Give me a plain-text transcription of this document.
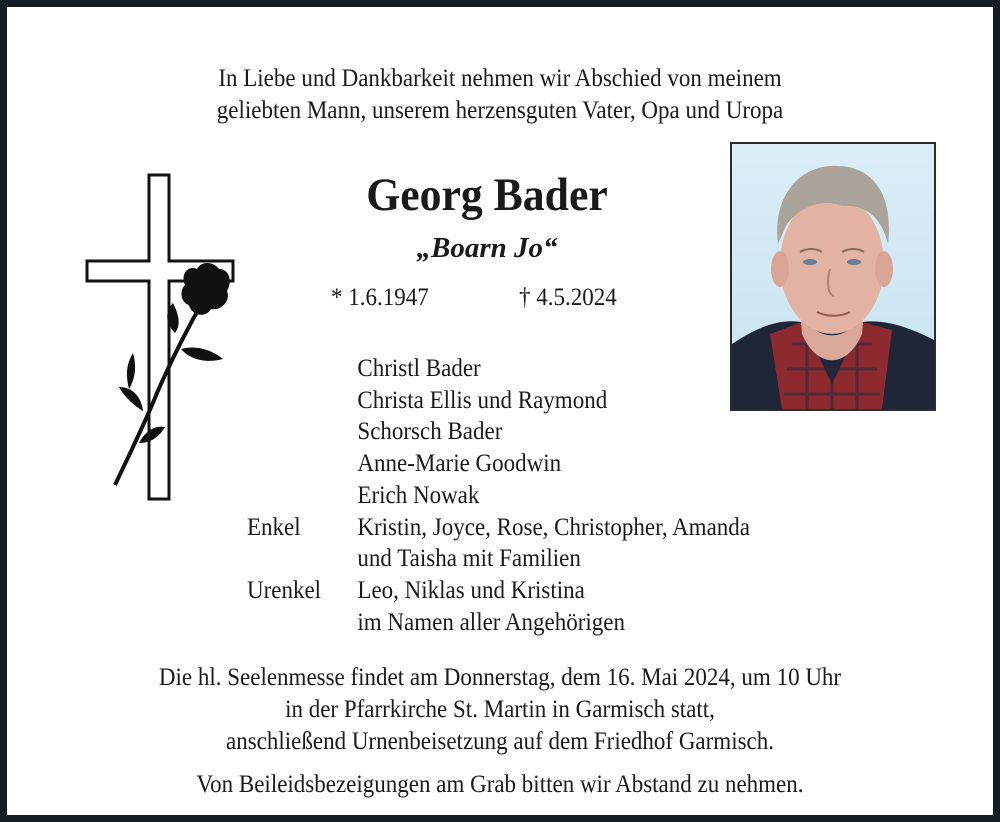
In Liebe und Dankbarkeit nehmen wir Abschied von meinem
geliebten Mann, unserem herzensguten Vater, Opa und Uropa
Georg Bader
„Boarn Jo“
* 1.6.1947	† 4.5.2024
Christl Bader
Christa Ellis und Raymond
Schorsch Bader
Anne-Marie Goodwin
Erich Nowak
Enkel	Kristin, Joyce, Rose, Christopher, Amanda
und Taisha mit Familien
Urenkel	Leo, Niklas und Kristina
im Namen aller Angehörigen
Die hl. Seelenmesse findet am Donnerstag, dem 16. Mai 2024, um 10 Uhr
in der Pfarrkirche St. Martin in Garmisch statt,
anschließend Urnenbeisetzung auf dem Friedhof Garmisch.
Von Beileidsbezeigungen am Grab bitten wir Abstand zu nehmen.
